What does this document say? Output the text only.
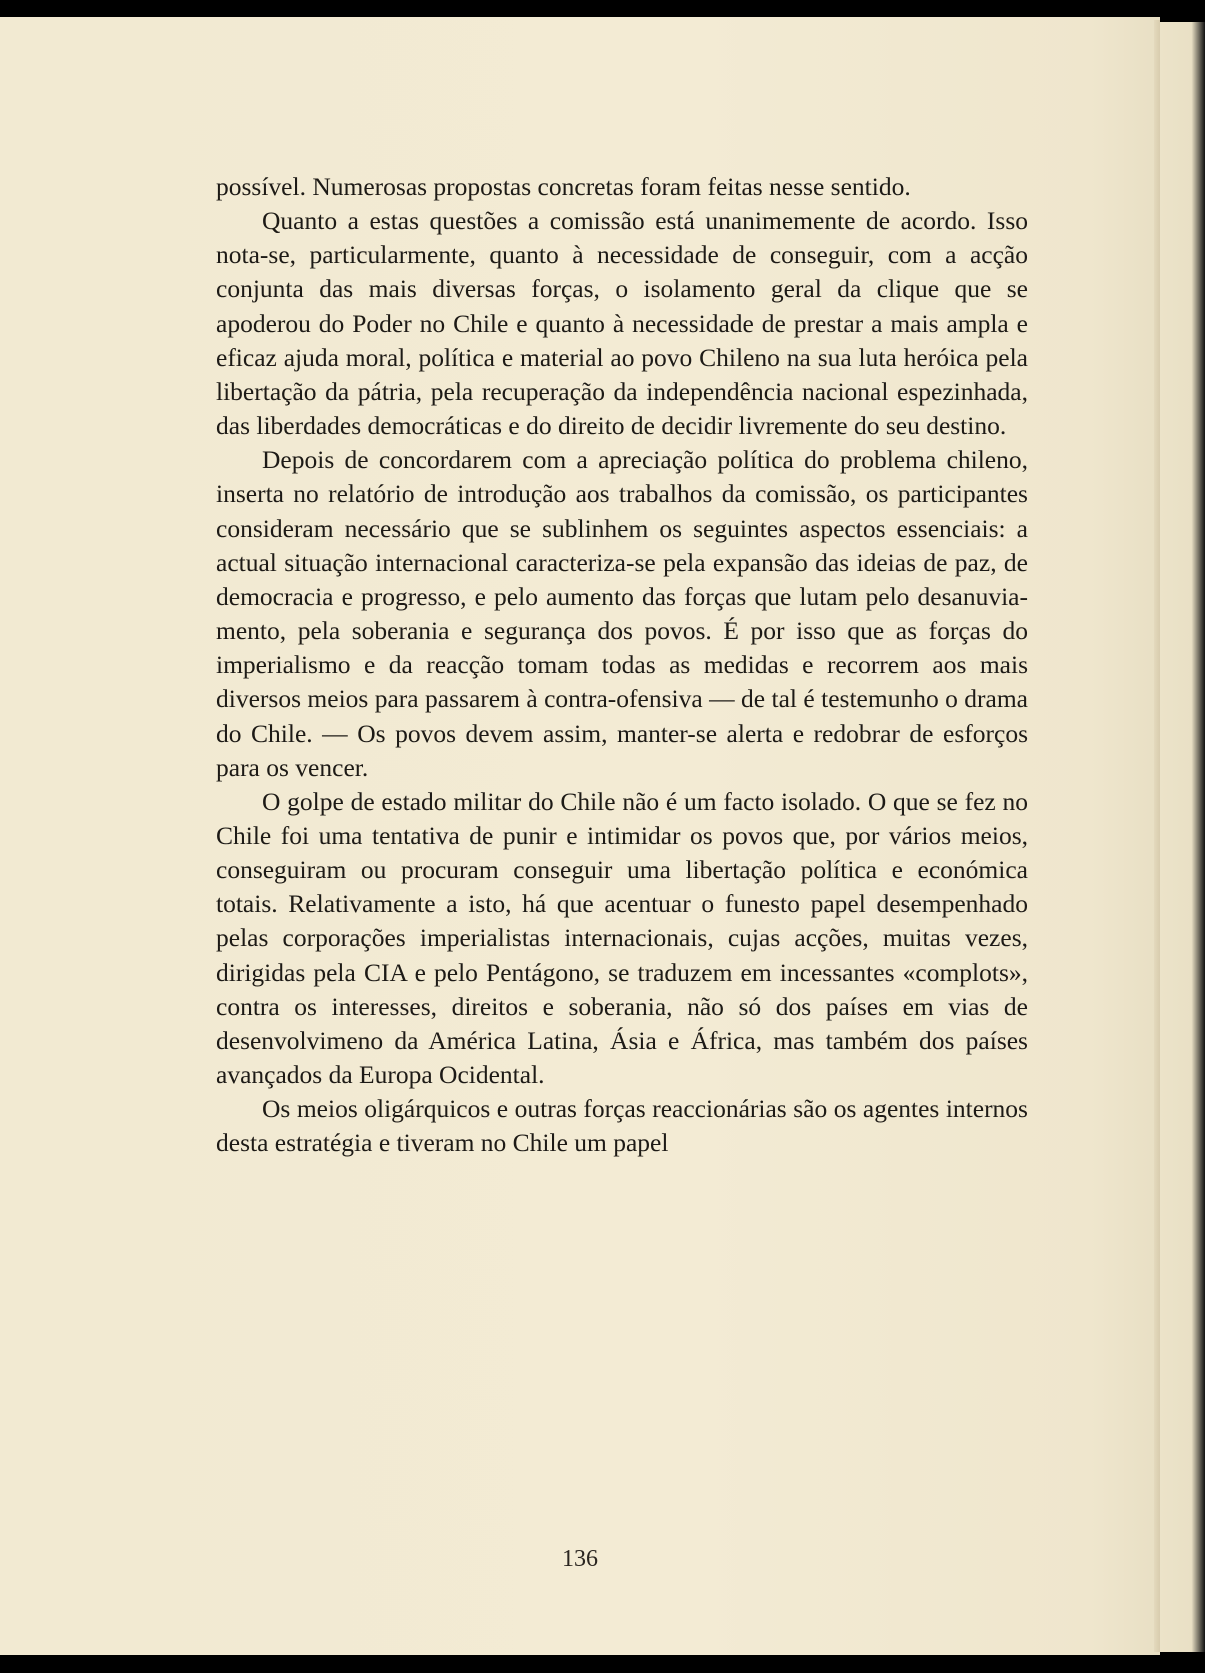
possível. Numerosas propostas concretas foram feitas nesse sentido.

Quanto a estas questões a comissão está unanimemente de acordo. Isso nota-se, particularmente, quanto à necessidade de conseguir, com a acção conjunta das mais diversas forças, o isolamento geral da clique que se apoderou do Poder no Chile e quanto à necessidade de prestar a mais ampla e eficaz ajuda moral, política e material ao povo Chileno na sua luta heróica pela libertação da pátria, pela recuperação da independência nacional espezinhada, das liberdades democráticas e do direito de decidir livremente do seu destino.

Depois de concordarem com a apreciação política do problema chileno, inserta no relatório de introdução aos trabalhos da comissão, os participantes consideram necessário que se sublinhem os seguintes aspectos essenciais: a actual situação internacional caracteriza-se pela expansão das ideias de paz, de democracia e progresso, e pelo aumento das forças que lutam pelo desanuviamento, pela soberania e segurança dos povos. É por isso que as forças do imperialismo e da reacção tomam todas as medidas e recorrem aos mais diversos meios para passarem à contra-ofensiva — de tal é testemunho o drama do Chile. — Os povos devem assim, manter-se alerta e redobrar de esforços para os vencer.

O golpe de estado militar do Chile não é um facto isolado. O que se fez no Chile foi uma tentativa de punir e intimidar os povos que, por vários meios, conseguiram ou procuram conseguir uma libertação política e económica totais. Relativamente a isto, há que acentuar o funesto papel desempenhado pelas corporações imperialistas internacionais, cujas acções, muitas vezes, dirigidas pela CIA e pelo Pentágono, se traduzem em incessantes «complots», contra os interesses, direitos e soberania, não só dos países em vias de desenvolvimeno da América Latina, Ásia e África, mas também dos países avançados da Europa Ocidental.

Os meios oligárquicos e outras forças reaccionárias são os agentes internos desta estratégia e tiveram no Chile um papel

136
